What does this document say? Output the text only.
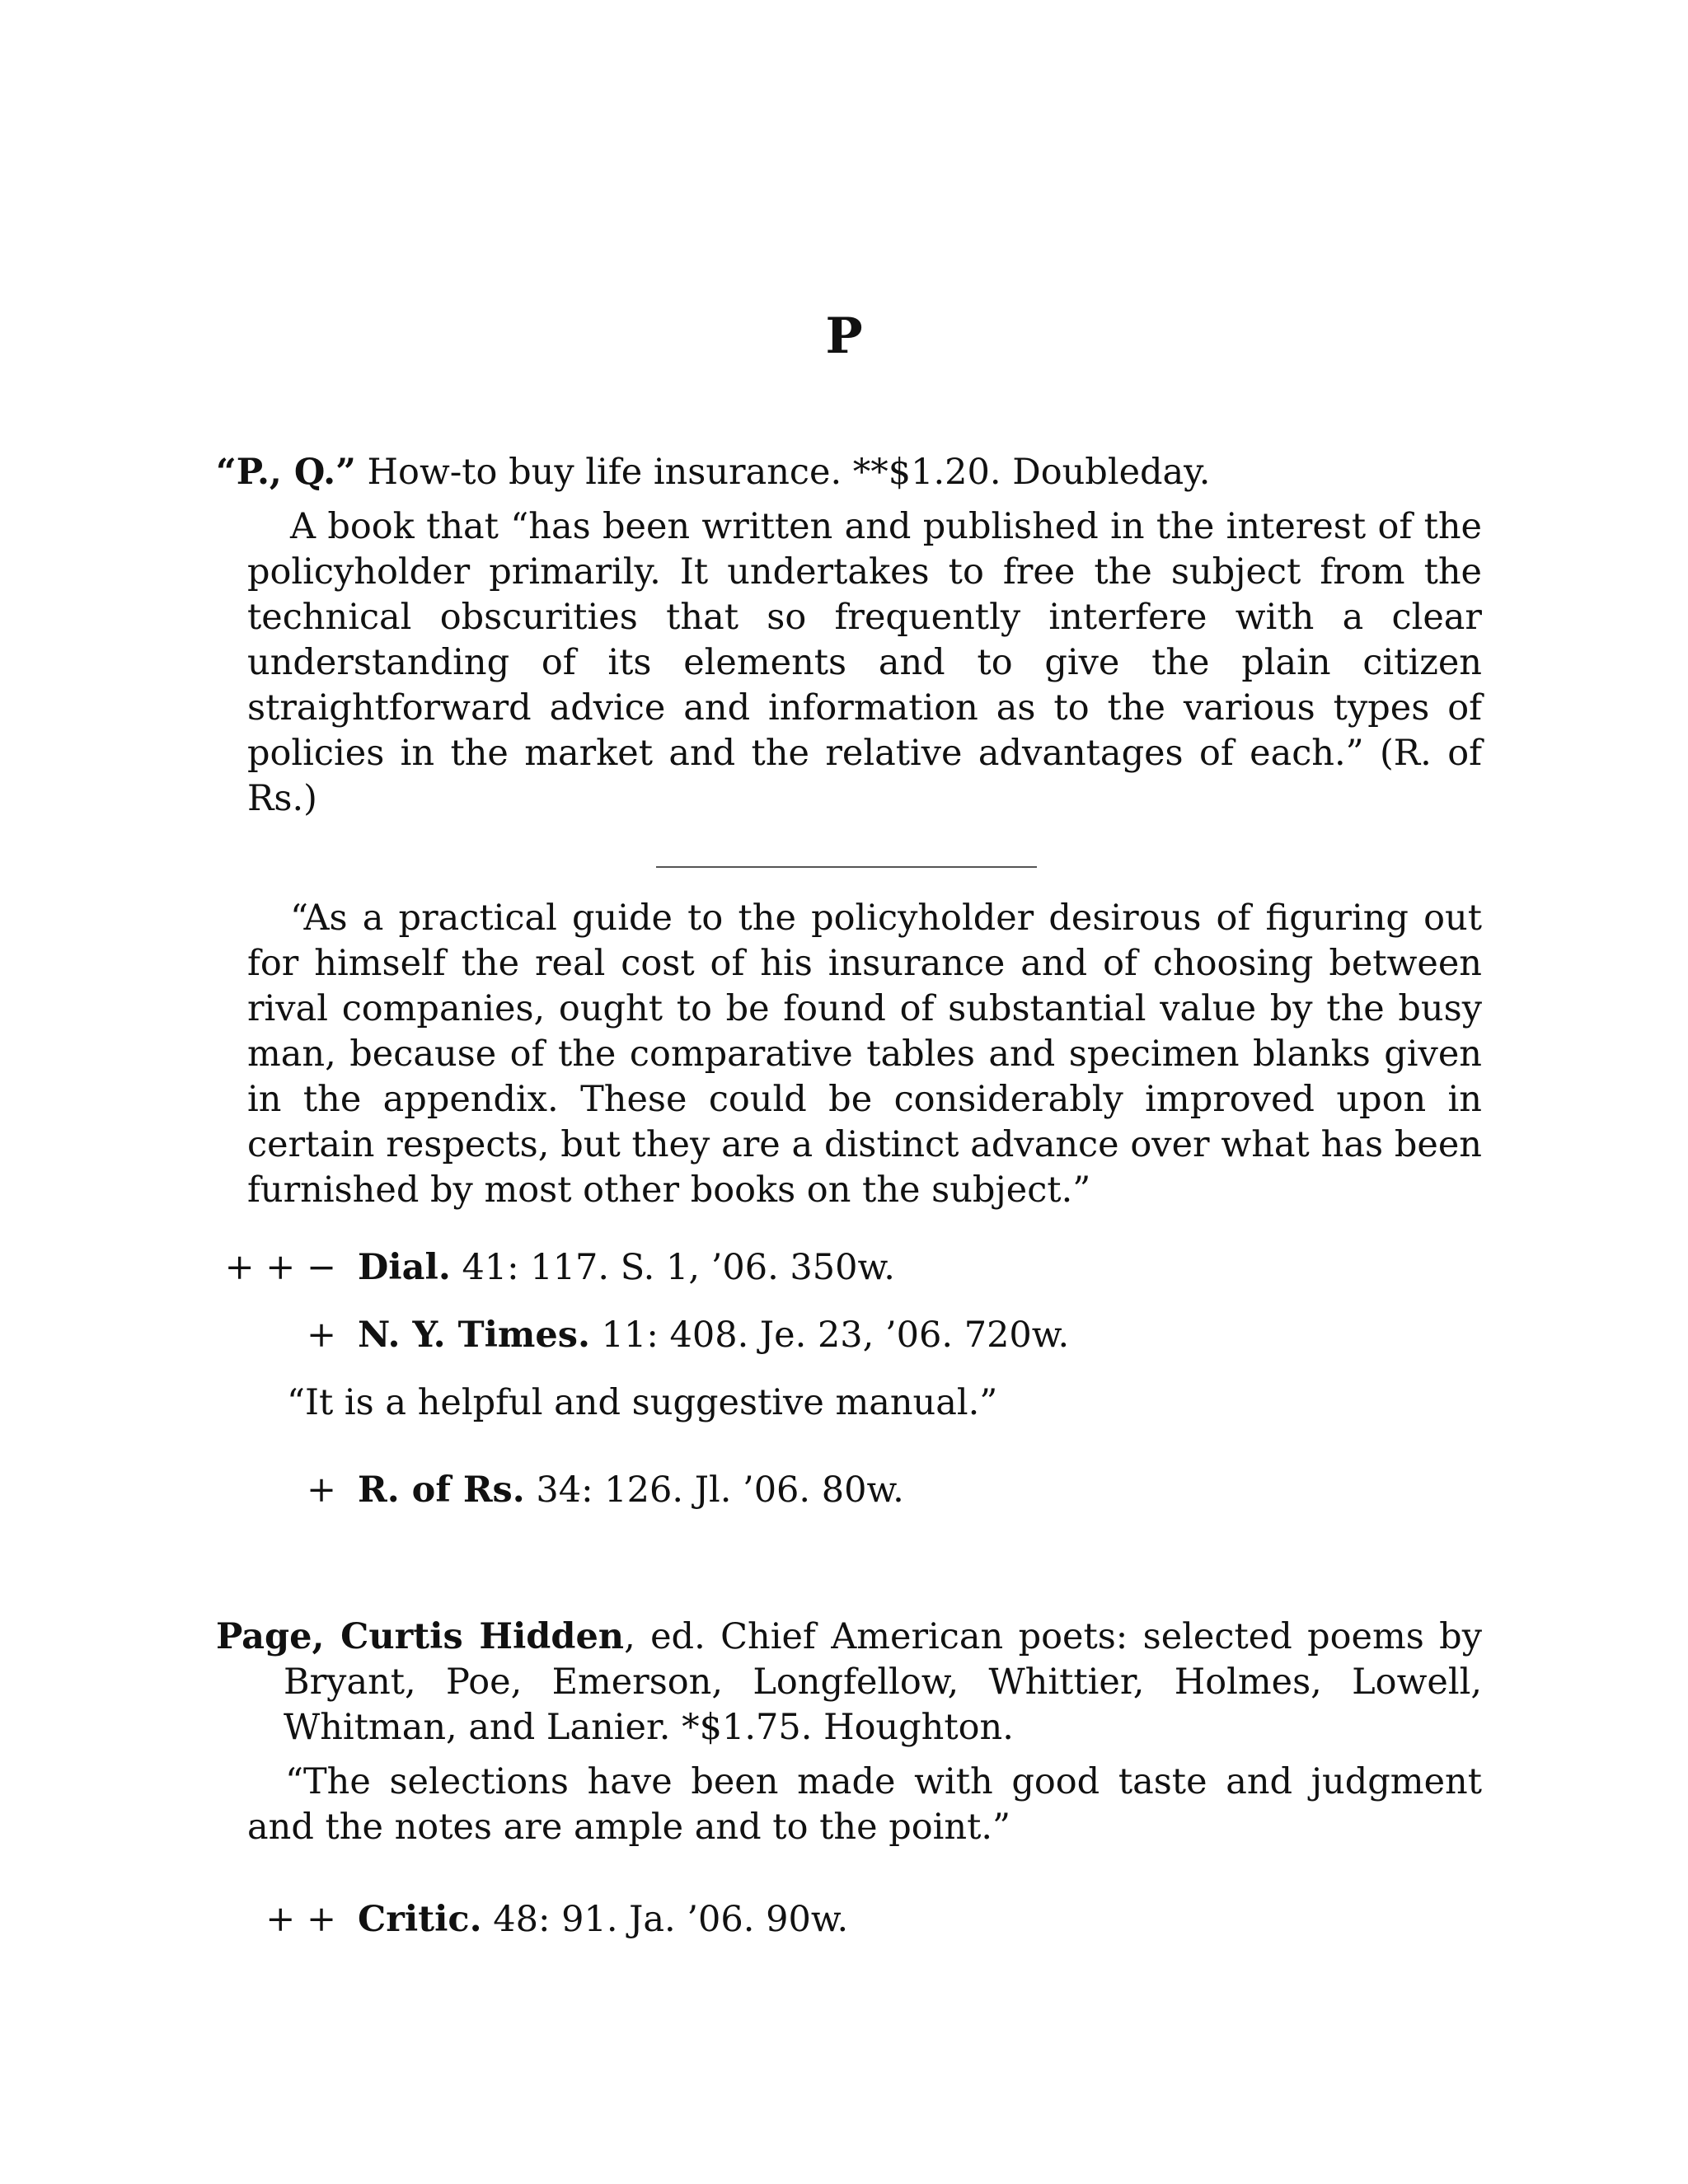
P
“P., Q.” How-to buy life insurance. **$1.20. Doubleday.
A book that “has been written and published in the interest of the policyholder primarily. It undertakes to free the subject from the technical obscurities that so frequently interfere with a clear understanding of its elements and to give the plain citizen straightforward advice and information as to the various types of policies in the market and the relative advantages of each.” (R. of Rs.)
“As a practical guide to the policyholder desirous of figuring out for himself the real cost of his insurance and of choosing between rival companies, ought to be found of substantial value by the busy man, because of the comparative tables and specimen blanks given in the appendix. These could be considerably improved upon in certain respects, but they are a distinct advance over what has been furnished by most other books on the subject.”
+ + − Dial. 41: 117. S. 1, ’06. 350w.
+ N. Y. Times. 11: 408. Je. 23, ’06. 720w.
“It is a helpful and suggestive manual.”
+ R. of Rs. 34: 126. Jl. ’06. 80w.
Page, Curtis Hidden, ed. Chief American poets: selected poems by Bryant, Poe, Emerson, Longfellow, Whittier, Holmes, Lowell, Whitman, and Lanier. *$1.75. Houghton.
“The selections have been made with good taste and judgment and the notes are ample and to the point.”
+ + Critic. 48: 91. Ja. ’06. 90w.
